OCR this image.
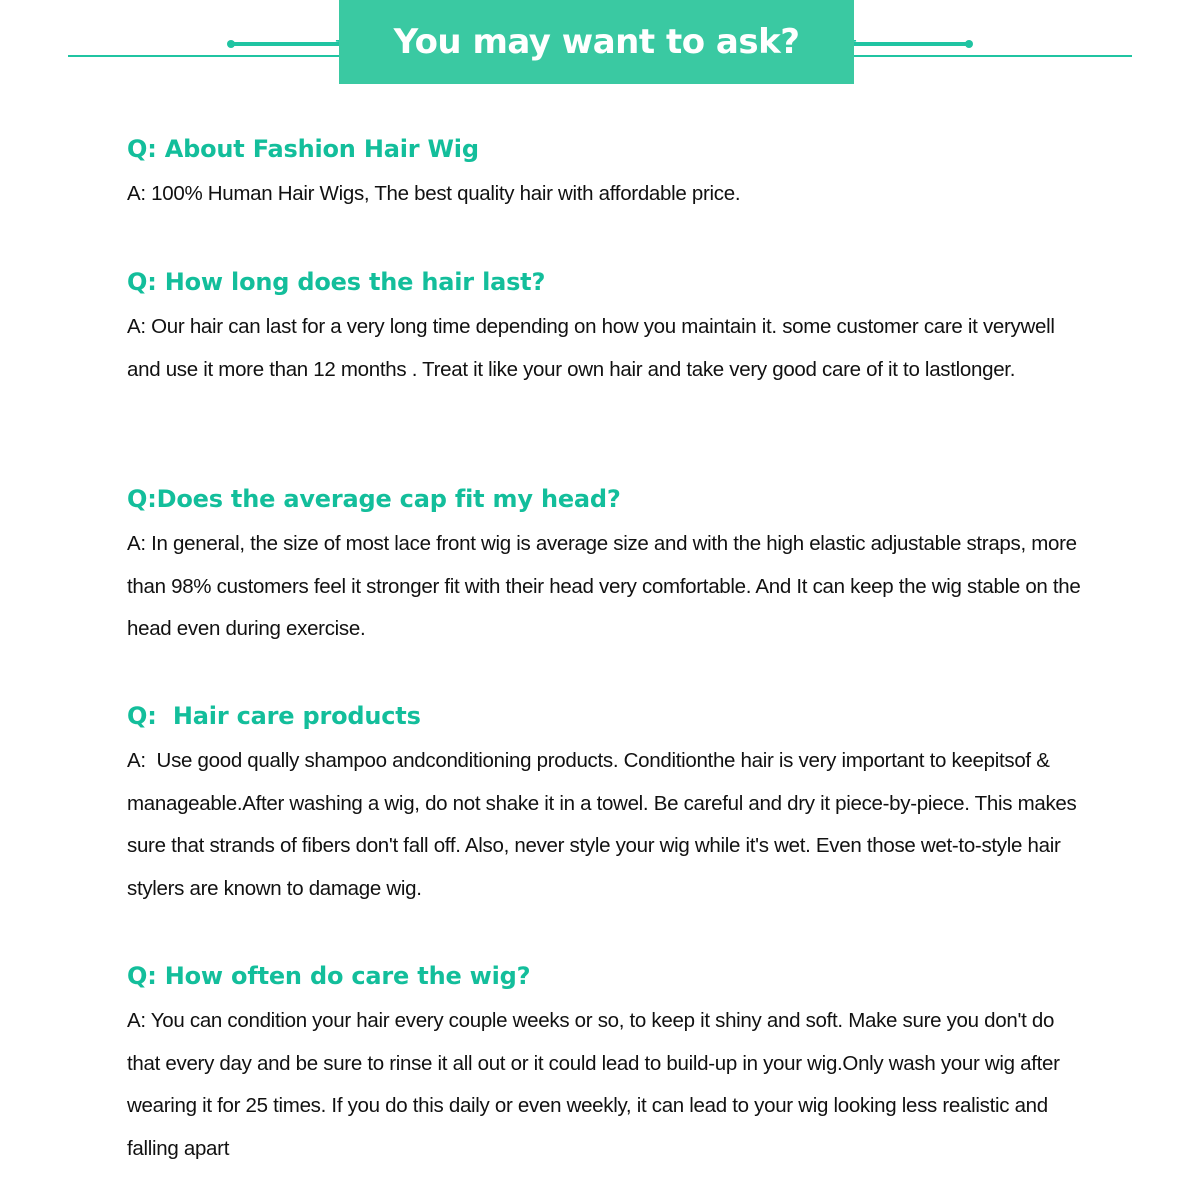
You may want to ask?
Q: About Fashion Hair Wig
A: 100% Human Hair Wigs, The best quality hair with affordable price.
Q: How long does the hair last?
A: Our hair can last for a very long time depending on how you maintain it. some customer care it verywell and use it more than 12 months . Treat it like your own hair and take very good care of it to lastlonger.
Q:Does the average cap fit my head?
A: In general, the size of most lace front wig is average size and with the high elastic adjustable straps, more than 98% customers feel it stronger fit with their head very comfortable. And It can keep the wig stable on the head even during exercise.
Q:  Hair care products
A:  Use good qually shampoo andconditioning products. Conditionthe hair is very important to keepitsof & manageable.After washing a wig, do not shake it in a towel. Be careful and dry it piece-by-piece. This makes sure that strands of fibers don't fall off. Also, never style your wig while it's wet. Even those wet-to-style hair stylers are known to damage wig.
Q: How often do care the wig?
A: You can condition your hair every couple weeks or so, to keep it shiny and soft. Make sure you don't do that every day and be sure to rinse it all out or it could lead to build-up in your wig.Only wash your wig after wearing it for 25 times. If you do this daily or even weekly, it can lead to your wig looking less realistic and falling apart
